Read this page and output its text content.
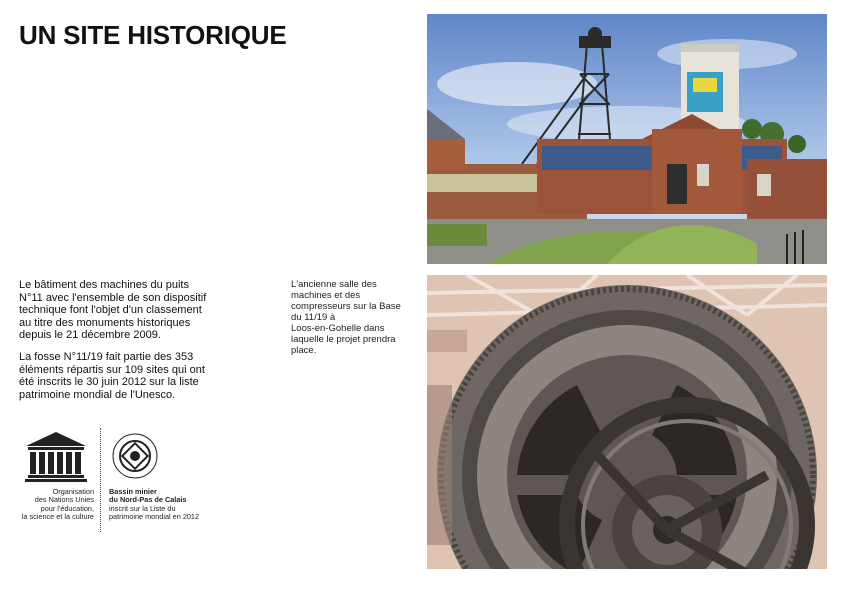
UN SITE HISTORIQUE

Le bâtiment des machines du puits
N°11 avec l'ensemble de son dispositif
technique font l'objet d'un classement
au titre des monuments historiques
depuis le 21 décembre 2009.

La fosse N°11/19 fait partie des 353
éléments répartis sur 109 sites qui ont
été inscrits le 30 juin 2012 sur la liste
patrimoine mondial de l'Unesco.

L'ancienne salle des
machines et des
compresseurs sur la Base
du 11/19 à
Loos-en-Gohelle dans
laquelle le projet prendra
place.
Organisation
des Nations Unies
pour l'éducation,
la science et la culture
Bassin minier
du Nord-Pas de Calais
inscrit sur la Liste du
patrimoine mondial en 2012
